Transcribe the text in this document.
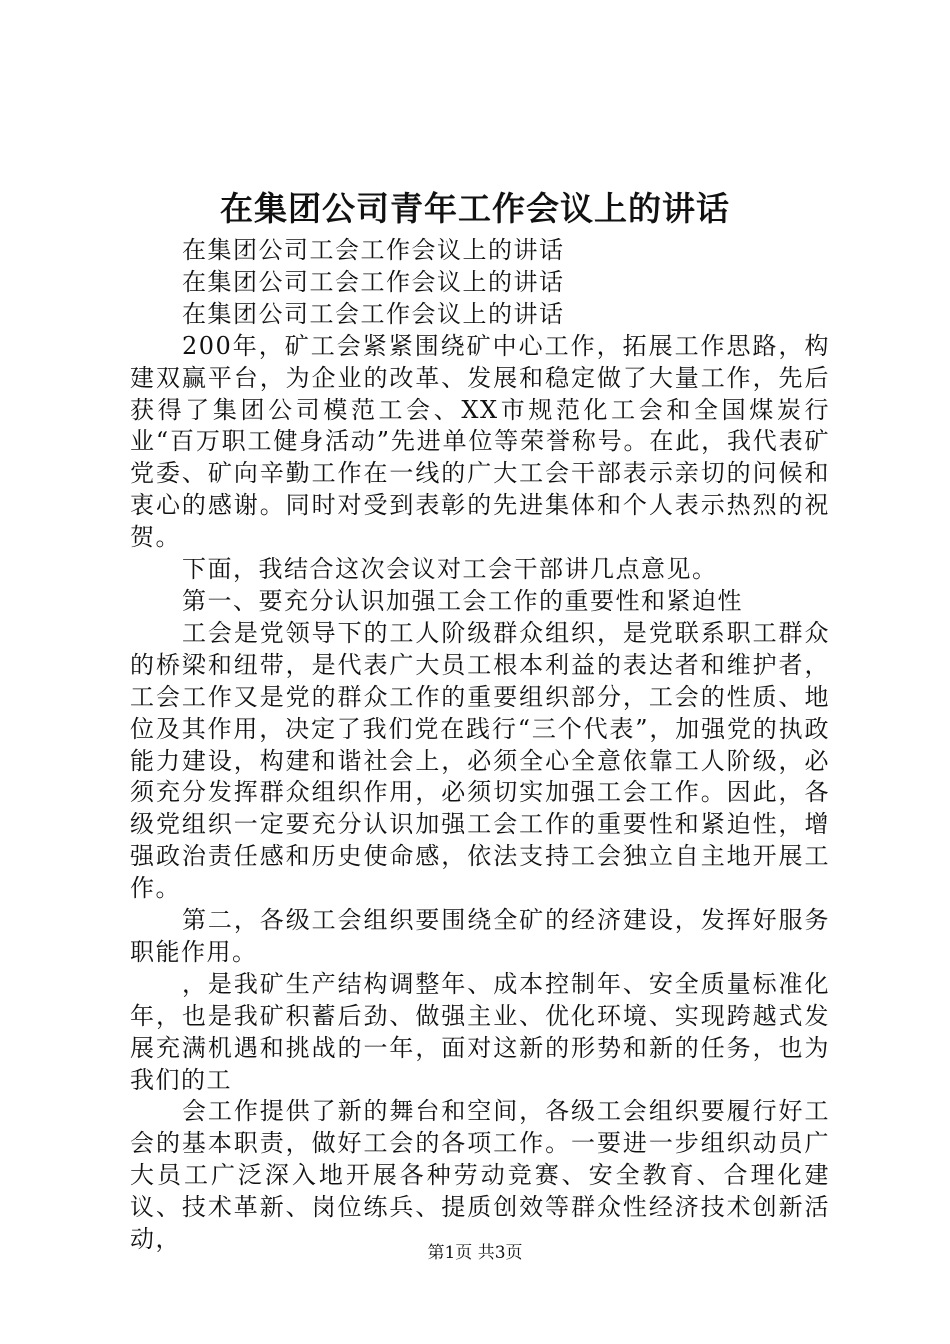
在集团公司青年工作会议上的讲话

在集团公司工会工作会议上的讲话

在集团公司工会工作会议上的讲话

在集团公司工会工作会议上的讲话

200年，矿工会紧紧围绕矿中心工作，拓展工作思路，构建双赢平台，为企业的改革、发展和稳定做了大量工作，先后获得了集团公司模范工会、XX市规范化工会和全国煤炭行业“百万职工健身活动”先进单位等荣誉称号。在此，我代表矿党委、矿向辛勤工作在一线的广大工会干部表示亲切的问候和衷心的感谢。同时对受到表彰的先进集体和个人表示热烈的祝贺。

下面，我结合这次会议对工会干部讲几点意见。

第一、要充分认识加强工会工作的重要性和紧迫性

工会是党领导下的工人阶级群众组织，是党联系职工群众的桥梁和纽带，是代表广大员工根本利益的表达者和维护者，工会工作又是党的群众工作的重要组织部分，工会的性质、地位及其作用，决定了我们党在践行“三个代表”，加强党的执政能力建设，构建和谐社会上，必须全心全意依靠工人阶级，必须充分发挥群众组织作用，必须切实加强工会工作。因此，各级党组织一定要充分认识加强工会工作的重要性和紧迫性，增强政治责任感和历史使命感，依法支持工会独立自主地开展工作。

第二，各级工会组织要围绕全矿的经济建设，发挥好服务职能作用。

，是我矿生产结构调整年、成本控制年、安全质量标准化年，也是我矿积蓄后劲、做强主业、优化环境、实现跨越式发展充满机遇和挑战的一年，面对这新的形势和新的任务，也为我们的工

会工作提供了新的舞台和空间，各级工会组织要履行好工会的基本职责，做好工会的各项工作。一要进一步组织动员广大员工广泛深入地开展各种劳动竞赛、安全教育、合理化建议、技术革新、岗位练兵、提质创效等群众性经济技术创新活动，	第1页 共3页
